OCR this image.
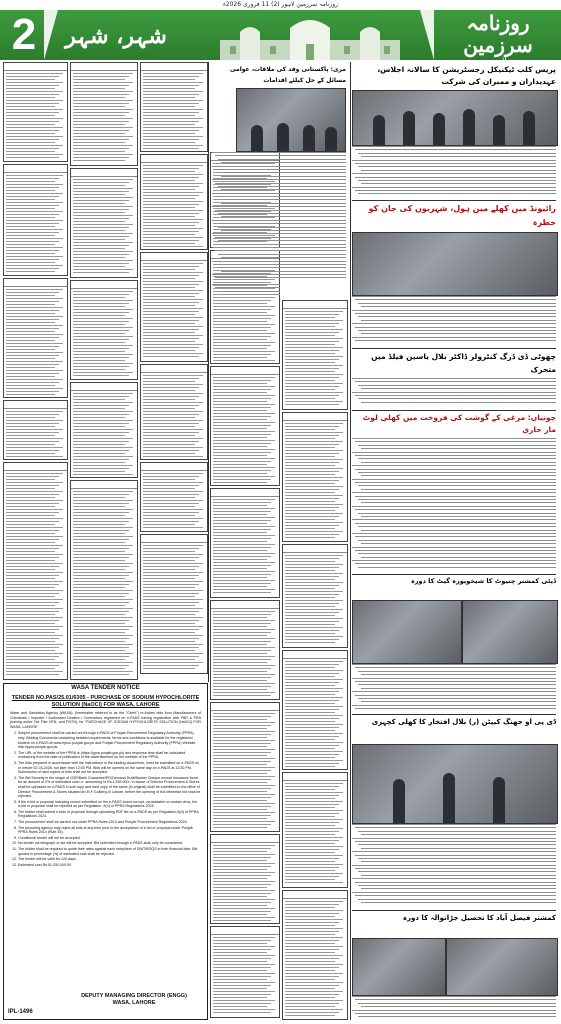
روزنامہ سرزمین لاہور (2) 11 فروری 2026ء
2	شہر، شہر	روزنامہ سرزمین
لاہور
WASA TENDER NOTICE
TENDER NO.PAS/25.01/6305 - PURCHASE OF SODIUM HYPOCHLORITE SOLUTION (NaOCl) FOR WASA, LAHORE
Water and Sanitation Agency (WASA), (hereinafter referred to as the "Client") re-invites bids from Manufacturers of Chemicals / Importer / Authorized Dealers / Contractors registered on e-PADS having registration with FBR & PRA (having active Tax Filer NTN, and PNTN), for "PURCHASE OF SODIUM HYPOCHLORITE SOLUTION (NaOCl) FOR WASA, LAHORE".
1. Subject procurement shall be carried out through e-PADS of Punjab Procurement Regulatory Authority (PPRA) only. Bidding Documents containing detailed requirements, terms and conditions is available for the registered bidders on e-PADS at www.eproc.punjab.gov.pk and Punjab Procurement Regulatory Authority (PPRA) Website http://ppra.punjab.gov.pk.
2. The URL of the website of the PPRA is (https://ppra.punjab.gov.pk) and response time shall be calculated exclusively from the date of publication of the advertisement on the website of the PPRA.
3. The bids prepared in accordance with the instructions in the bidding documents, must be submitted on e-PADS on or before 02-03-2026, not later than 12:00 PM. Bids will be opened on the same day on e-PADS at 12:30 PM. Submission of hard copies of bids shall not be accepted.
4. The Bid Security in the shape of CDR/Bank Guarantee/PO/Demand Draft/Banker Cheque except Insurance bond for an amount of 2% of estimated cost i.e. amounting to Rs.1,539,900/- in favour of Director Procurement & Stores shall be uploaded on e-PADS in soft copy and hard copy of the same (in original) shall be submitted to the office of Director Procurement & Stores situated at 09-F Gulberg-III Lahore, before the opening of bid otherwise bid shall be rejected.
5. If the e-bid or proposal including record submitted on the e-PADS found corrupt, un-readable or contain virus, the e-bid or proposal shall be rejected as per Regulation -8(4) of PPRA Regulations 2024.
6. The bidder shall submit e-bids or proposal through uploading PDF file on e-PADS as per Regulation-8(4) of PPRA Regulations 2024.
7. The procurement shall be carried out under PPRA Rules-2014 and Punjab Procurement Regulations 2024.
8. The procuring agency may reject all bids at any time prior to the acceptance of a bid or proposal under Punjab PPRA Rules 2014 (Rule 35).
9. Conditional tender will not be accepted.
10. No tender via telegraph or fax will be accepted. Bid submitted through e-PADS shall only be considered.
11. The bidder shall be required to quote their rates against each entry/item of DNIT/BOQS in their financial bids. Bid quoted in percentage (%) of estimated cost shall be rejected.
12. The tender will be valid for 120 days.
13. Estimated cost Rs.51,330,000.00
DEPUTY MANAGING DIRECTOR (ENGG)
WASA, LAHORE
IPL-1496
پریس کلب ٹیکنیکل رجسٹریشن کا سالانہ اجلاس، عہدیداران و ممبران کی شرکت
مری: پاکستانی وفد کی ملاقات، عوامی مسائل کے حل کیلئے اقدامات
رائیونڈ میں کھلے مین ہول، شہریوں کی جان کو خطرہ
چھوٹی ڈی ڈرگ کنٹرولر ڈاکٹر بلال یاسین فیلڈ میں متحرک
چونیاں: مرغی کے گوشت کی فروخت میں کھلی لوٹ مار جاری
ڈپٹی کمشنر چنیوٹ کا شیخوپورہ گیٹ کا دورہ
ڈی پی او جھنگ کیپٹن (ر) بلال افتخار کا کھلی کچہری
کمشنر فیصل آباد کا تحصیل جڑانوالہ کا دورہ
